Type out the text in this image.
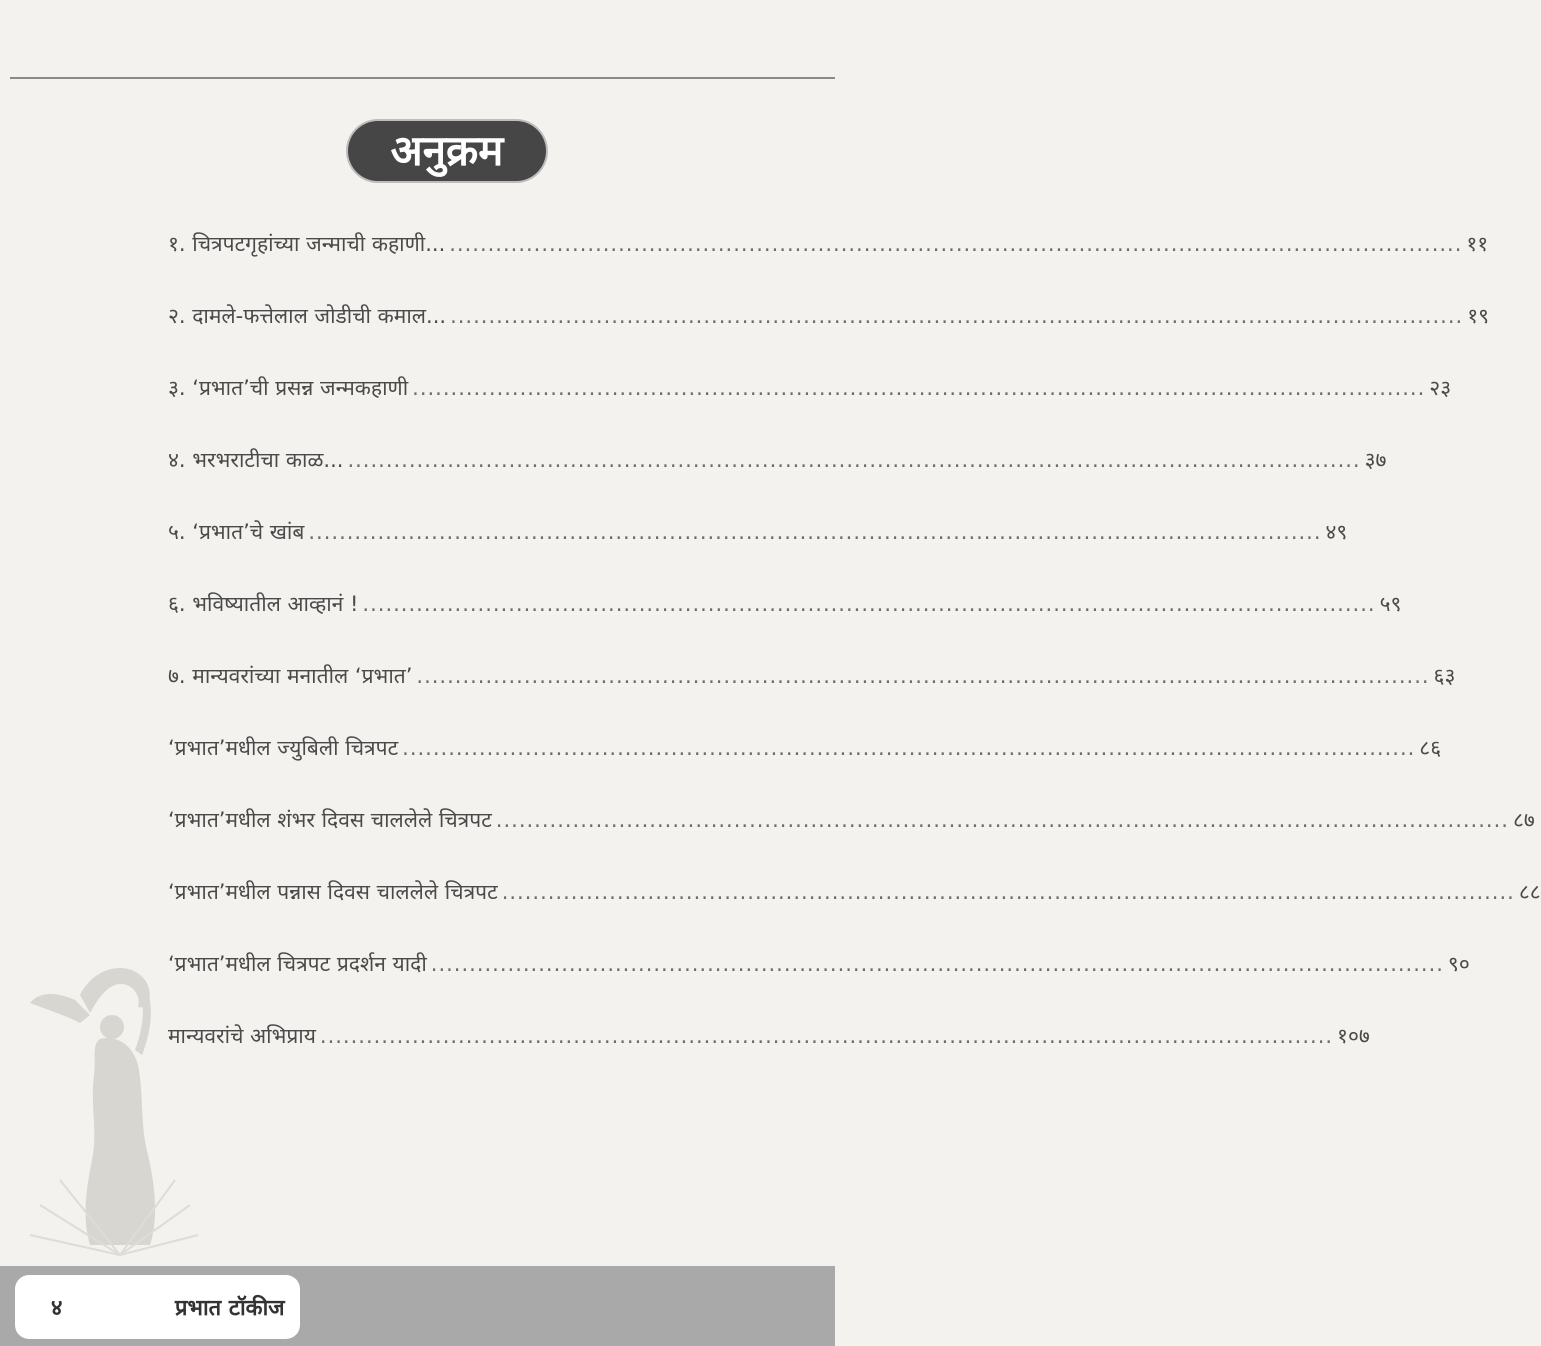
अनुक्रम
१. चित्रपटगृहांच्या जन्माची कहाणी... .................................................................................................................................... ११
२. दामले-फत्तेलाल जोडीची कमाल... .................................................................................................................................... १९
३. ‘प्रभात’ची प्रसन्न जन्मकहाणी .................................................................................................................................... २३
४. भरभराटीचा काळ... .................................................................................................................................... ३७
५. ‘प्रभात’चे खांब .................................................................................................................................... ४९
६. भविष्यातील आव्हानं ! .................................................................................................................................... ५९
७. मान्यवरांच्या मनातील ‘प्रभात’ .................................................................................................................................... ६३
‘प्रभात’मधील ज्युबिली चित्रपट .................................................................................................................................... ८६
‘प्रभात’मधील शंभर दिवस चाललेले चित्रपट .................................................................................................................................... ८७
‘प्रभात’मधील पन्नास दिवस चाललेले चित्रपट .................................................................................................................................... ८८
‘प्रभात’मधील चित्रपट प्रदर्शन यादी .................................................................................................................................... ९०
मान्यवरांचे अभिप्राय .................................................................................................................................... १०७
४	प्रभात टॉकीज
